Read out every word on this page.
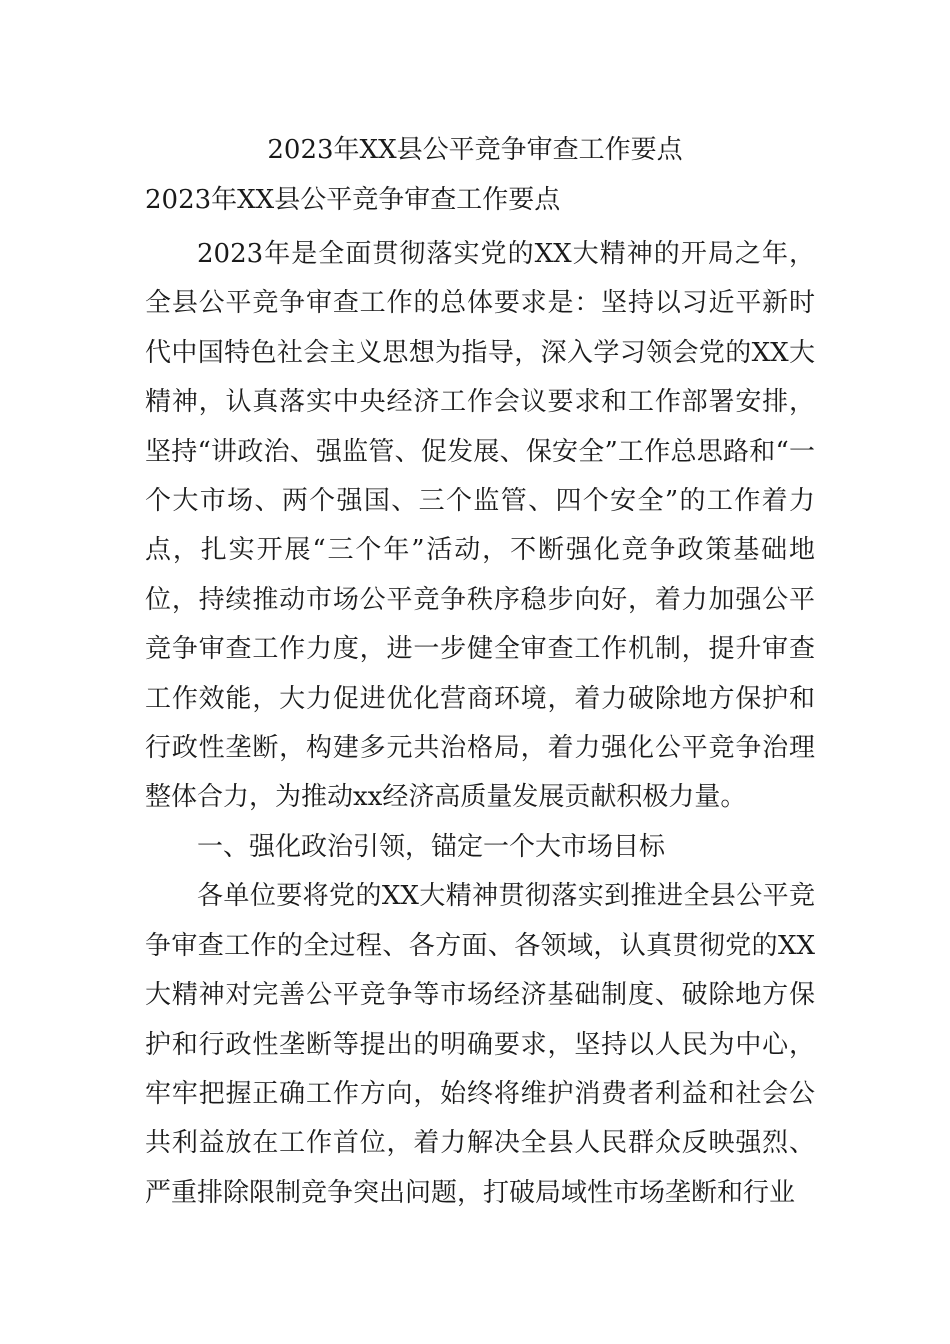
2023年XX县公平竞争审查工作要点
2023年XX县公平竞争审查工作要点

2023年是全面贯彻落实党的XX大精神的开局之年，全县公平竞争审查工作的总体要求是：坚持以习近平新时代中国特色社会主义思想为指导，深入学习领会党的XX大精神，认真落实中央经济工作会议要求和工作部署安排，坚持“讲政治、强监管、促发展、保安全”工作总思路和“一个大市场、两个强国、三个监管、四个安全”的工作着力点，扎实开展“三个年”活动，不断强化竞争政策基础地位，持续推动市场公平竞争秩序稳步向好，着力加强公平竞争审查工作力度，进一步健全审查工作机制，提升审查工作效能，大力促进优化营商环境，着力破除地方保护和行政性垄断，构建多元共治格局，着力强化公平竞争治理整体合力，为推动xx经济高质量发展贡献积极力量。

一、强化政治引领，锚定一个大市场目标

各单位要将党的XX大精神贯彻落实到推进全县公平竞争审查工作的全过程、各方面、各领域，认真贯彻党的XX大精神对完善公平竞争等市场经济基础制度、破除地方保护和行政性垄断等提出的明确要求，坚持以人民为中心，牢牢把握正确工作方向，始终将维护消费者利益和社会公共利益放在工作首位，着力解决全县人民群众反映强烈、严重排除限制竞争突出问题，打破局域性市场垄断和行业
